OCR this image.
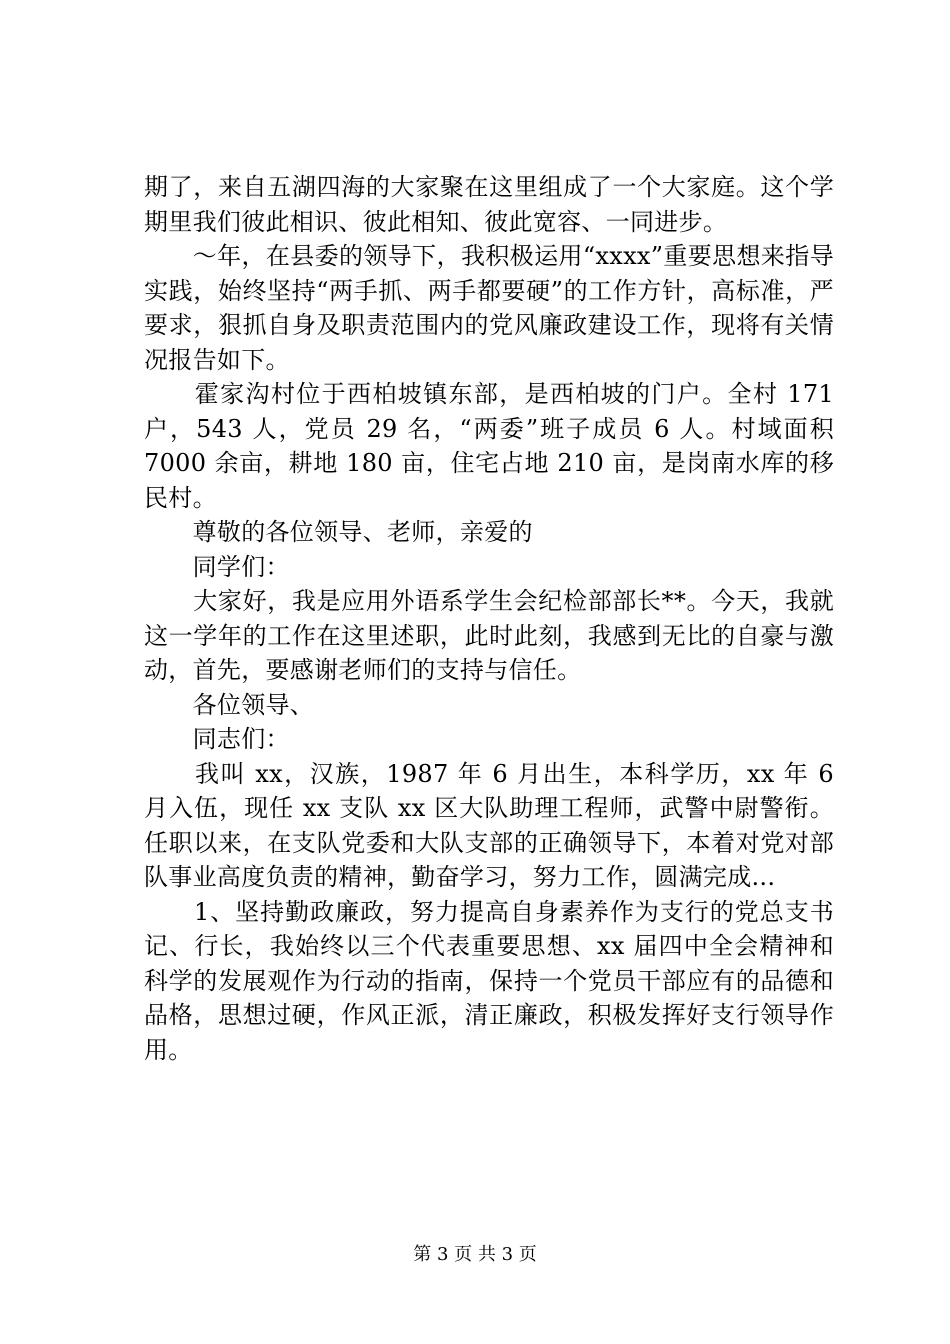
期了，来自五湖四海的大家聚在这里组成了一个大家庭。这个学期里我们彼此相识、彼此相知、彼此宽容、一同进步。

　　～年，在县委的领导下，我积极运用“xxxx”重要思想来指导实践，始终坚持“两手抓、两手都要硬”的工作方针，高标准，严要求，狠抓自身及职责范围内的党风廉政建设工作，现将有关情况报告如下。

　　霍家沟村位于西柏坡镇东部，是西柏坡的门户。全村 171 户，543 人，党员 29 名，“两委”班子成员 6 人。村域面积 7000 余亩，耕地 180 亩，住宅占地 210 亩，是岗南水库的移民村。

　　尊敬的各位领导、老师，亲爱的

　　同学们：

　　大家好，我是应用外语系学生会纪检部部长**。今天，我就这一学年的工作在这里述职，此时此刻，我感到无比的自豪与激动，首先，要感谢老师们的支持与信任。

　　各位领导、

　　同志们：

　　我叫 xx，汉族，1987 年 6 月出生，本科学历，xx 年 6 月入伍，现任 xx 支队 xx 区大队助理工程师，武警中尉警衔。任职以来，在支队党委和大队支部的正确领导下，本着对党对部队事业高度负责的精神，勤奋学习，努力工作，圆满完成...

　　1、坚持勤政廉政，努力提高自身素养作为支行的党总支书记、行长，我始终以三个代表重要思想、xx 届四中全会精神和科学的发展观作为行动的指南，保持一个党员干部应有的品德和品格，思想过硬，作风正派，清正廉政，积极发挥好支行领导作用。

第 3 页 共 3 页
